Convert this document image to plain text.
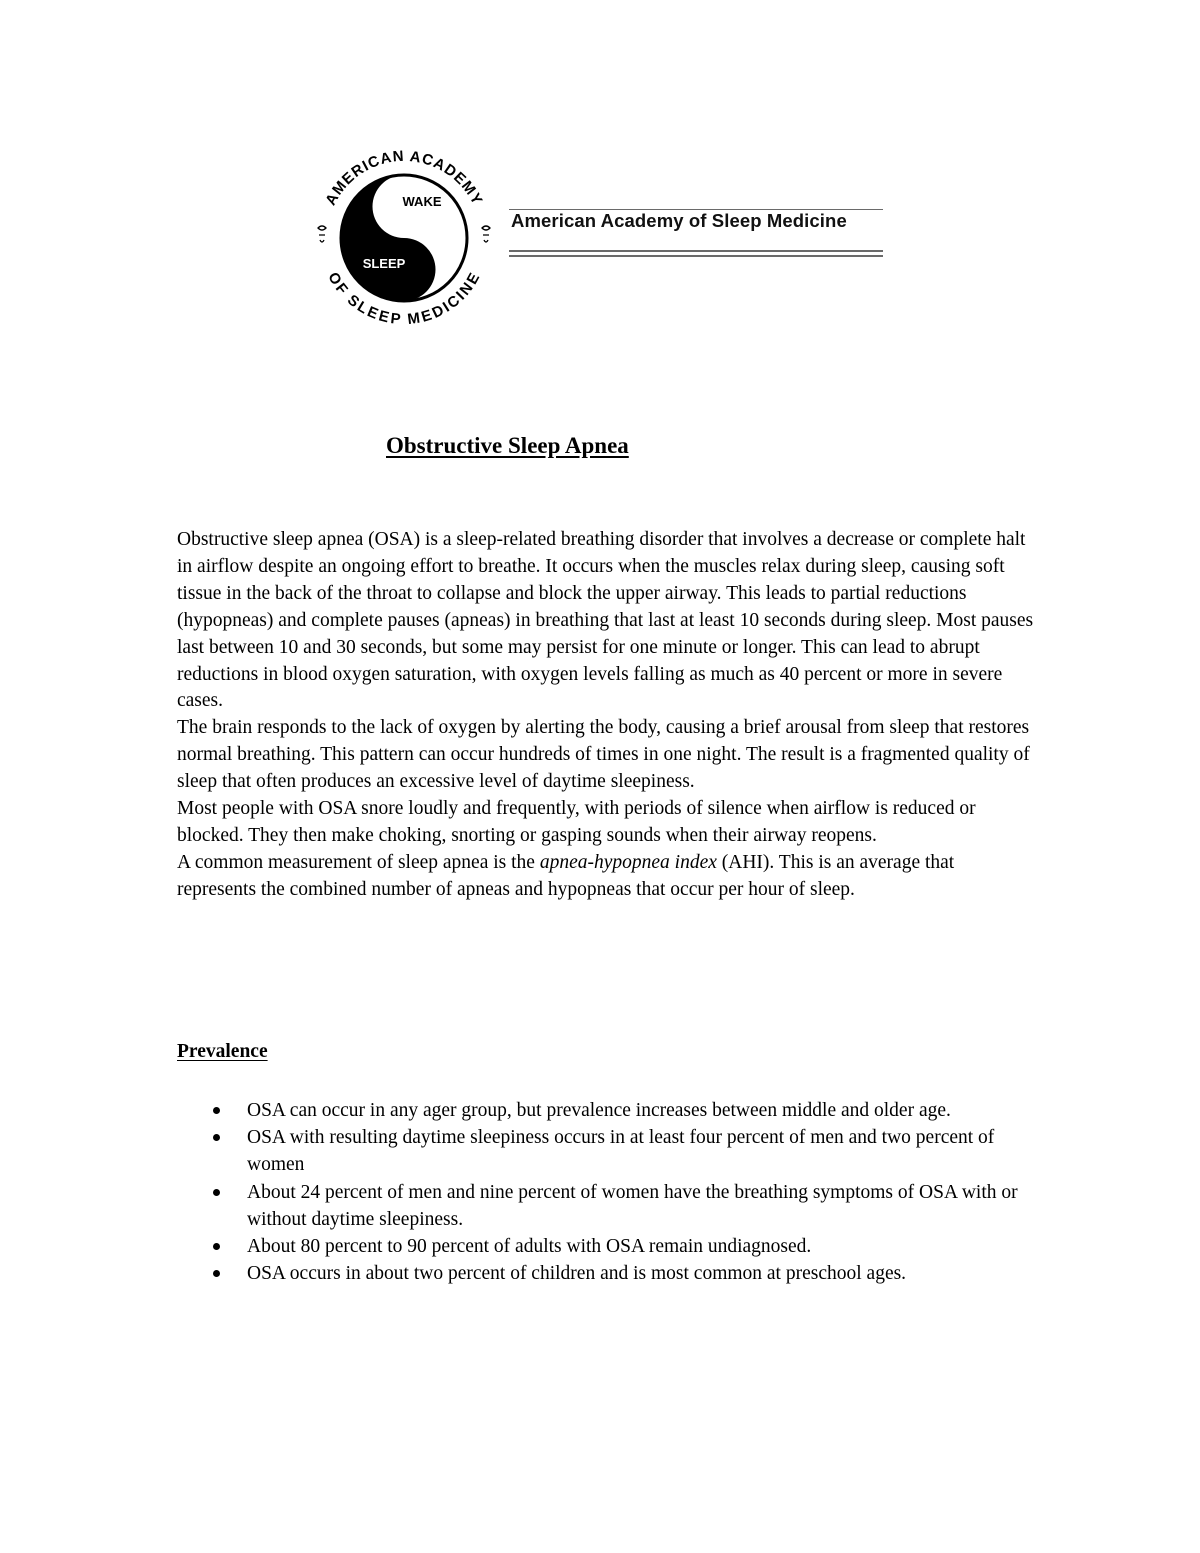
WAKE
SLEEP
AMERICAN ACADEMY
OF SLEEP MEDICINE
American Academy of Sleep Medicine
Obstructive Sleep Apnea

Obstructive sleep apnea (OSA) is a sleep-related breathing disorder that involves a decrease or complete halt in airflow despite an ongoing effort to breathe. It occurs when the muscles relax during sleep, causing soft tissue in the back of the throat to collapse and block the upper airway. This leads to partial reductions (hypopneas) and complete pauses (apneas) in breathing that last at least 10 seconds during sleep. Most pauses last between 10 and 30 seconds, but some may persist for one minute or longer. This can lead to abrupt reductions in blood oxygen saturation, with oxygen levels falling as much as 40 percent or more in severe cases.

The brain responds to the lack of oxygen by alerting the body, causing a brief arousal from sleep that restores normal breathing. This pattern can occur hundreds of times in one night. The result is a fragmented quality of sleep that often produces an excessive level of daytime sleepiness.

Most people with OSA snore loudly and frequently, with periods of silence when airflow is reduced or blocked. They then make choking, snorting or gasping sounds when their airway reopens.

A common measurement of sleep apnea is the apnea-hypopnea index (AHI). This is an average that represents the combined number of apneas and hypopneas that occur per hour of sleep.

Prevalence
OSA can occur in any ager group, but prevalence increases between middle and older age.
OSA with resulting daytime sleepiness occurs in at least four percent of men and two percent of women
About 24 percent of men and nine percent of women have the breathing symptoms of OSA with or without daytime sleepiness.
About 80 percent to 90 percent of adults with OSA remain undiagnosed.
OSA occurs in about two percent of children and is most common at preschool ages.
